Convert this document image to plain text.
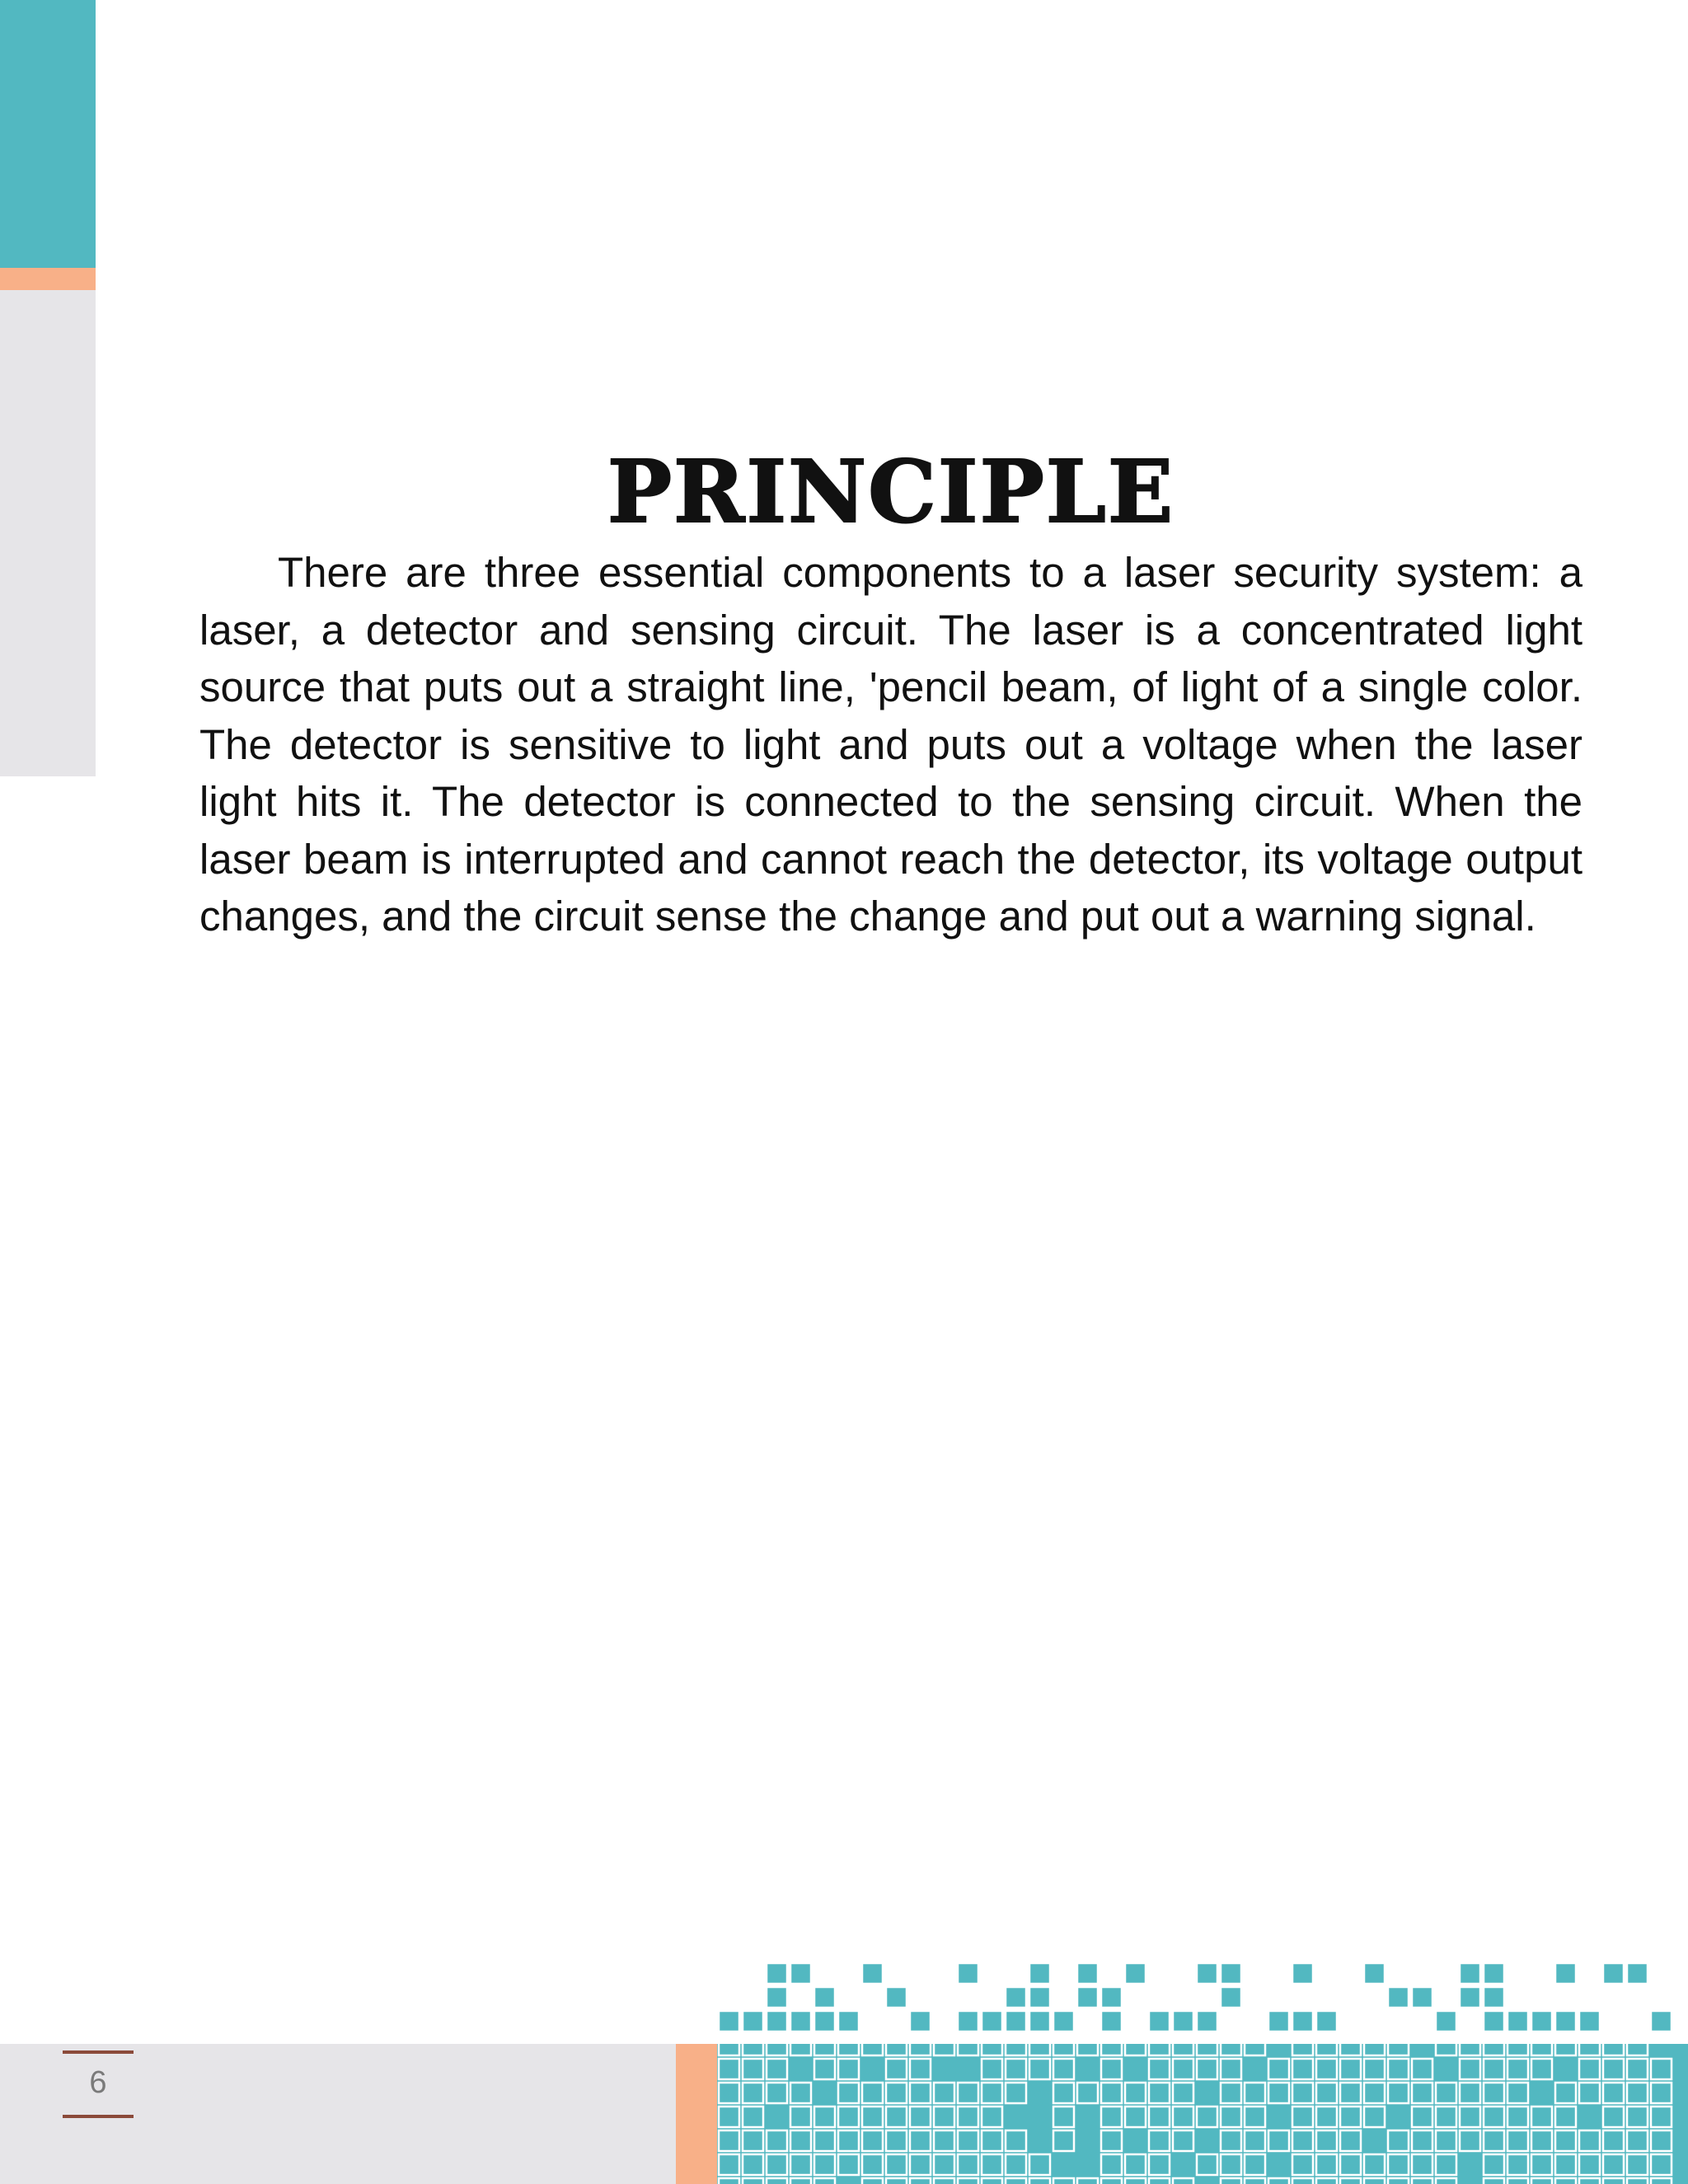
PRINCIPLE

There are three essential components to a laser security system: a laser, a detector and sensing circuit. The laser is a concentrated light source that puts out a straight line, 'pencil beam, of light of a single color. The detector is sensitive to light and puts out a voltage when the laser light hits it. The detector is connected to the sensing circuit. When the laser beam is interrupted and cannot reach the detector, its voltage output changes, and the circuit sense the change and put out a warning signal.

6
